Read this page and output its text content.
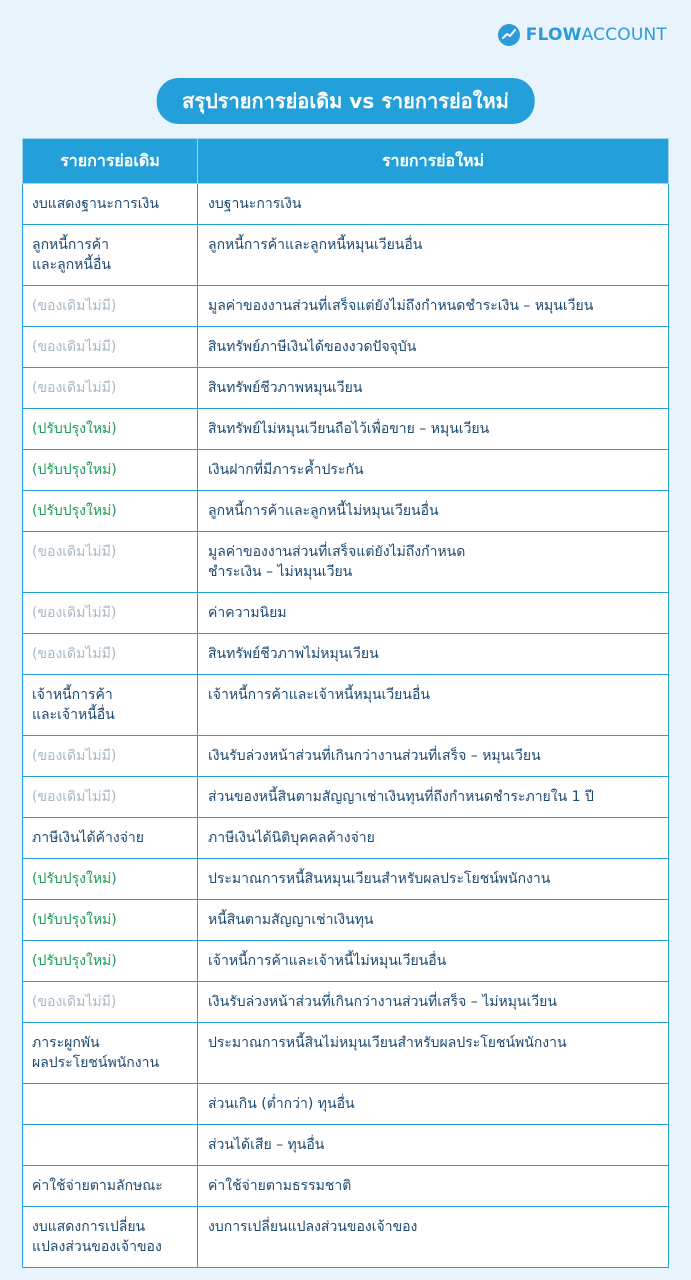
FLOWACCOUNT
สรุปรายการย่อเดิม vs รายการย่อใหม่
รายการย่อเดิม	รายการย่อใหม่
งบแสดงฐานะการเงิน	งบฐานะการเงิน
ลูกหนี้การค้า
และลูกหนี้อื่น	ลูกหนี้การค้าและลูกหนี้หมุนเวียนอื่น
(ของเดิมไม่มี)	มูลค่าของงานส่วนที่เสร็จแต่ยังไม่ถึงกำหนดชำระเงิน – หมุนเวียน
(ของเดิมไม่มี)	สินทรัพย์ภาษีเงินได้ของงวดปัจจุบัน
(ของเดิมไม่มี)	สินทรัพย์ชีวภาพหมุนเวียน
(ปรับปรุงใหม่)	สินทรัพย์ไม่หมุนเวียนถือไว้เพื่อขาย – หมุนเวียน
(ปรับปรุงใหม่)	เงินฝากที่มีภาระค้ำประกัน
(ปรับปรุงใหม่)	ลูกหนี้การค้าและลูกหนี้ไม่หมุนเวียนอื่น
(ของเดิมไม่มี)	มูลค่าของงานส่วนที่เสร็จแต่ยังไม่ถึงกำหนด
ชำระเงิน – ไม่หมุนเวียน
(ของเดิมไม่มี)	ค่าความนิยม
(ของเดิมไม่มี)	สินทรัพย์ชีวภาพไม่หมุนเวียน
เจ้าหนี้การค้า
และเจ้าหนี้อื่น	เจ้าหนี้การค้าและเจ้าหนี้หมุนเวียนอื่น
(ของเดิมไม่มี)	เงินรับล่วงหน้าส่วนที่เกินกว่างานส่วนที่เสร็จ – หมุนเวียน
(ของเดิมไม่มี)	ส่วนของหนี้สินตามสัญญาเช่าเงินทุนที่ถึงกำหนดชำระภายใน 1 ปี
ภาษีเงินได้ค้างจ่าย	ภาษีเงินได้นิติบุคคลค้างจ่าย
(ปรับปรุงใหม่)	ประมาณการหนี้สินหมุนเวียนสำหรับผลประโยชน์พนักงาน
(ปรับปรุงใหม่)	หนี้สินตามสัญญาเช่าเงินทุน
(ปรับปรุงใหม่)	เจ้าหนี้การค้าและเจ้าหนี้ไม่หมุนเวียนอื่น
(ของเดิมไม่มี)	เงินรับล่วงหน้าส่วนที่เกินกว่างานส่วนที่เสร็จ – ไม่หมุนเวียน
ภาระผูกพัน
ผลประโยชน์พนักงาน	ประมาณการหนี้สินไม่หมุนเวียนสำหรับผลประโยชน์พนักงาน
	ส่วนเกิน (ต่ำกว่า) ทุนอื่น
	ส่วนได้เสีย – ทุนอื่น
ค่าใช้จ่ายตามลักษณะ	ค่าใช้จ่ายตามธรรมชาติ
งบแสดงการเปลี่ยน
แปลงส่วนของเจ้าของ	งบการเปลี่ยนแปลงส่วนของเจ้าของ
